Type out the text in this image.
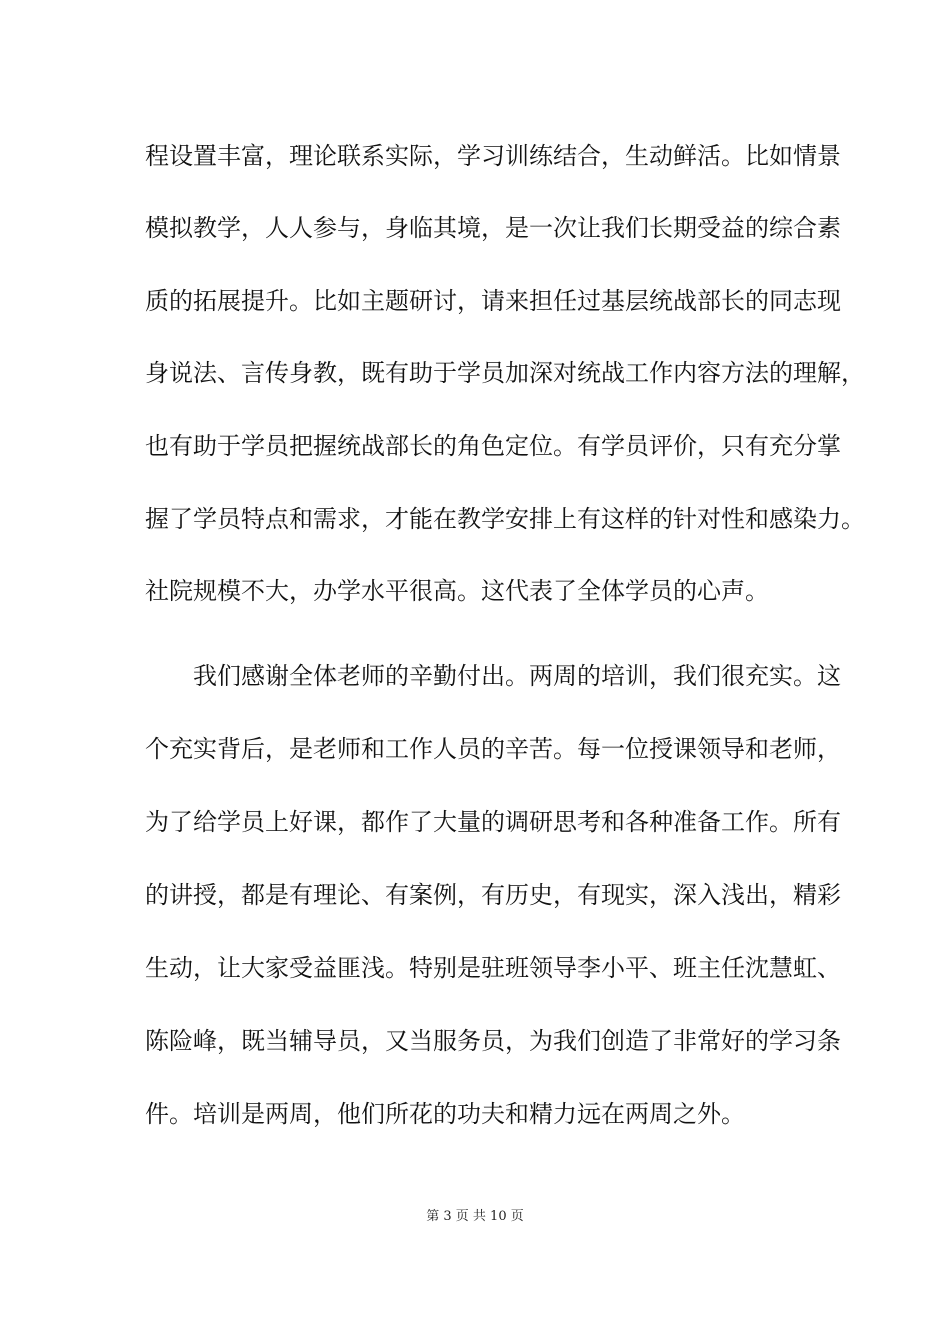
程设置丰富，理论联系实际，学习训练结合，生动鲜活。比如情景
模拟教学，人人参与，身临其境，是一次让我们长期受益的综合素
质的拓展提升。比如主题研讨，请来担任过基层统战部长的同志现
身说法、言传身教，既有助于学员加深对统战工作内容方法的理解，
也有助于学员把握统战部长的角色定位。有学员评价，只有充分掌
握了学员特点和需求，才能在教学安排上有这样的针对性和感染力。
社院规模不大，办学水平很高。这代表了全体学员的心声。
我们感谢全体老师的辛勤付出。两周的培训，我们很充实。这
个充实背后，是老师和工作人员的辛苦。每一位授课领导和老师，
为了给学员上好课，都作了大量的调研思考和各种准备工作。所有
的讲授，都是有理论、有案例，有历史，有现实，深入浅出，精彩
生动，让大家受益匪浅。特别是驻班领导李小平、班主任沈慧虹、
陈险峰，既当辅导员，又当服务员，为我们创造了非常好的学习条
件。培训是两周，他们所花的功夫和精力远在两周之外。
第 3 页 共 10 页
